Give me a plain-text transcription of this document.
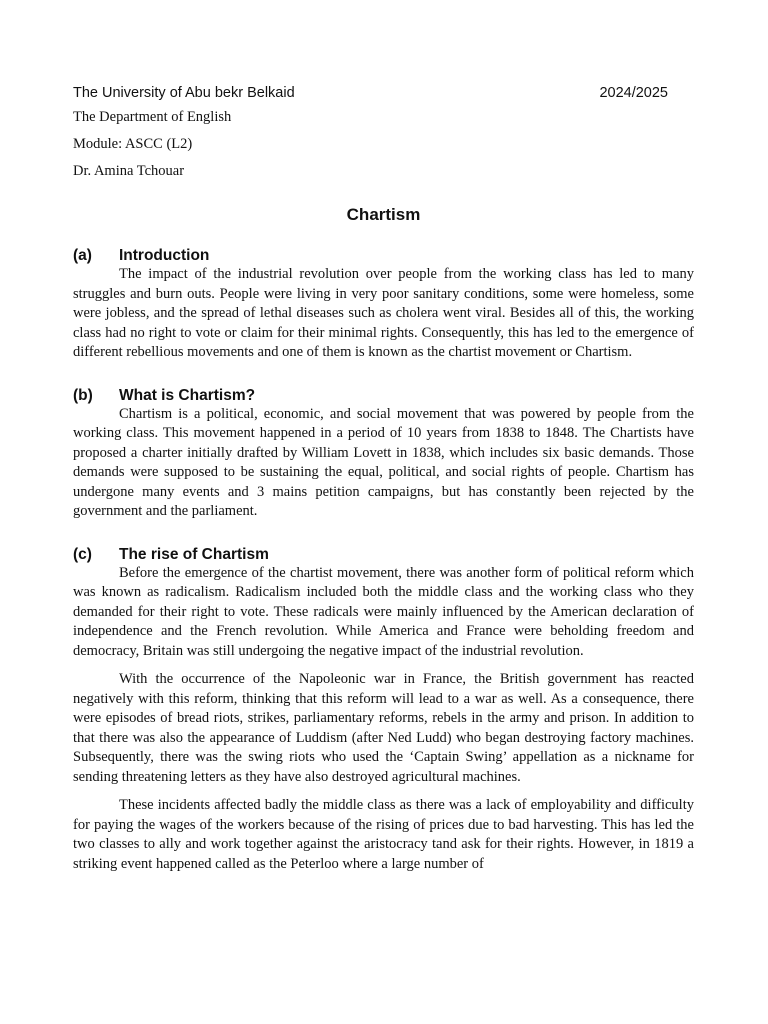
The University of Abu bekr Belkaid	2024/2025
The Department of English
Module: ASCC (L2)
Dr. Amina Tchouar
Chartism
(a)	Introduction

The impact of the industrial revolution over people from the working class has led to many struggles and burn outs. People were living in very poor sanitary conditions, some were homeless, some were jobless, and the spread of lethal diseases such as cholera went viral. Besides all of this, the working class had no right to vote or claim for their minimal rights. Consequently, this has led to the emergence of different rebellious movements and one of them is known as the chartist movement or Chartism.

(b)	What is Chartism?

Chartism is a political, economic, and social movement that was powered by people from the working class. This movement happened in a period of 10 years from 1838 to 1848. The Chartists have proposed a charter initially drafted by William Lovett in 1838, which includes six basic demands. Those demands were supposed to be sustaining the equal, political, and social rights of people. Chartism has undergone many events and 3 mains petition campaigns, but has constantly been rejected by the government and the parliament.

(c)	The rise of Chartism

Before the emergence of the chartist movement, there was another form of political reform which was known as radicalism. Radicalism included both the middle class and the working class who they demanded for their right to vote. These radicals were mainly influenced by the American declaration of independence and the French revolution. While America and France were beholding freedom and democracy, Britain was still undergoing the negative impact of the industrial revolution.

With the occurrence of the Napoleonic war in France, the British government has reacted negatively with this reform, thinking that this reform will lead to a war as well. As a consequence, there were episodes of bread riots, strikes, parliamentary reforms, rebels in the army and prison. In addition to that there was also the appearance of Luddism (after Ned Ludd) who began destroying factory machines. Subsequently, there was the swing riots who used the ‘Captain Swing’ appellation as a nickname for sending threatening letters as they have also destroyed agricultural machines.

These incidents affected badly the middle class as there was a lack of employability and difficulty for paying the wages of the workers because of the rising of prices due to bad harvesting. This has led the two classes to ally and work together against the aristocracy tand ask for their rights. However, in 1819 a striking event happened called as the Peterloo where a large number of
